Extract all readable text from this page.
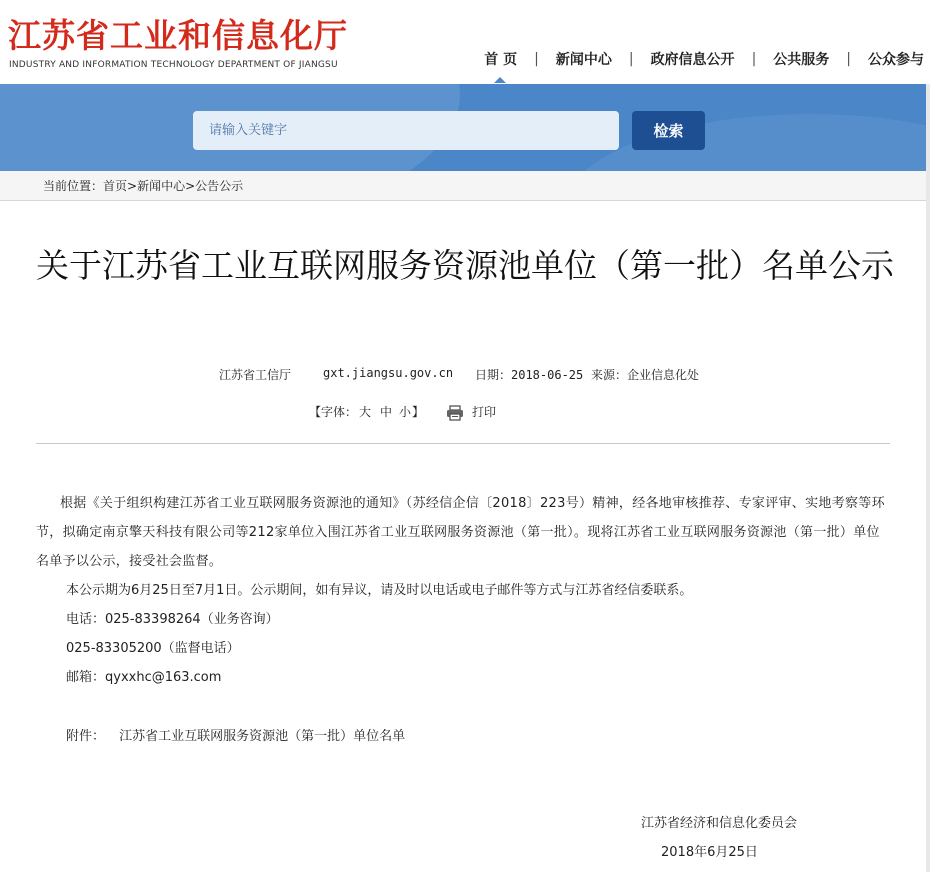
江苏省工业和信息化厅
INDUSTRY AND INFORMATION TECHNOLOGY DEPARTMENT OF JIANGSU	首 页 | 新闻中心 | 政府信息公开 | 公共服务 | 公众参与
请输入关键字
检索
当前位置：首页>新闻中心>公告公示
关于江苏省工业互联网服务资源池单位（第一批）名单公示
江苏省工信厅	gxt.jiangsu.gov.cn 日期：2018-06-25 来源：企业信息化处
【字体： 大 中 小 】	打印

根据《关于组织构建江苏省工业互联网服务资源池的通知》（苏经信企信〔2018〕223号）精神，经各地审核推荐、专家评审、实地考察等环节，拟确定南京擎天科技有限公司等212家单位入围江苏省工业互联网服务资源池（第一批）。现将江苏省工业互联网服务资源池（第一批）单位名单予以公示，接受社会监督。

本公示期为6月25日至7月1日。公示期间，如有异议，请及时以电话或电子邮件等方式与江苏省经信委联系。

电话：025-83398264（业务咨询）

025-83305200（监督电话）

邮箱：qyxxhc@163.com

附件： 江苏省工业互联网服务资源池（第一批）单位名单
江苏省经济和信息化委员会
2018年6月25日
